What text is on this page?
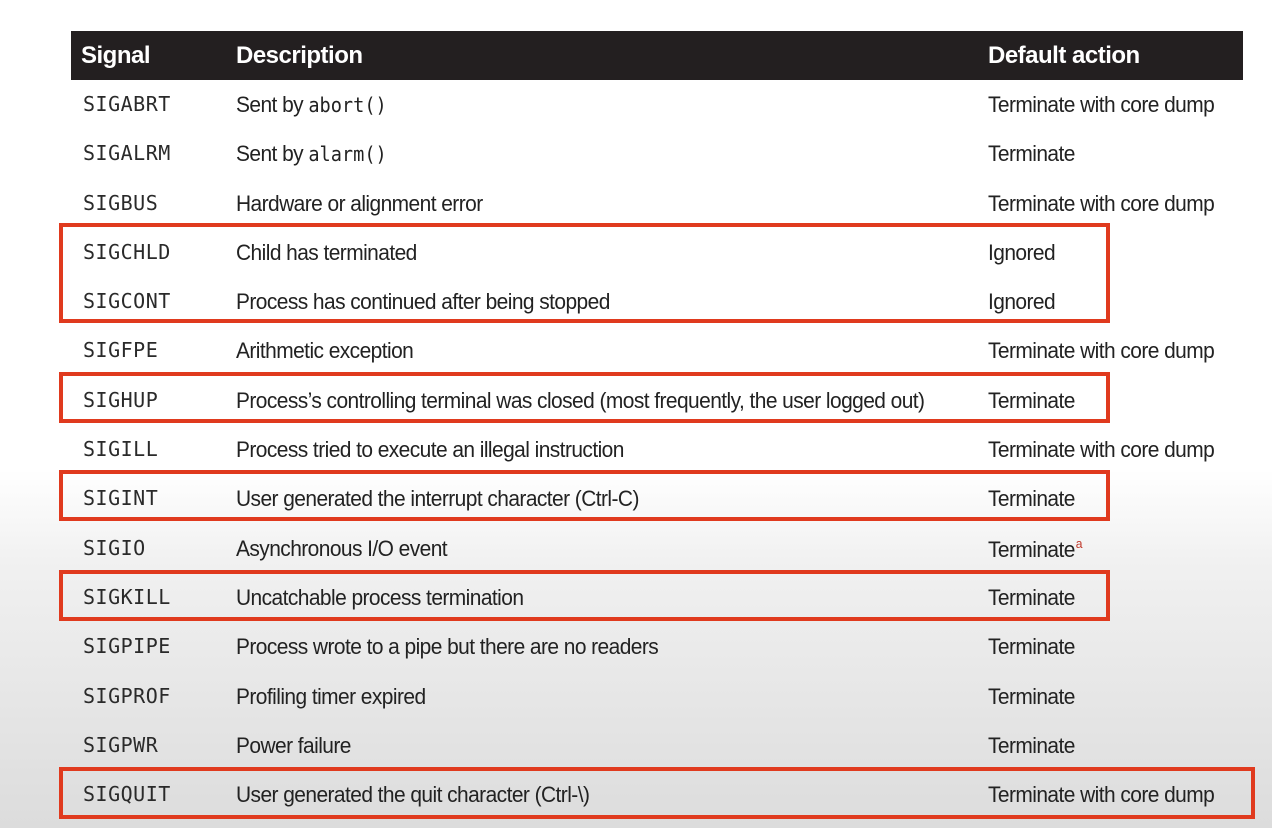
Signal	Description	Default action
SIGABRT	Sent by abort()	Terminate with core dump
SIGALRM	Sent by alarm()	Terminate
SIGBUS	Hardware or alignment error	Terminate with core dump
SIGCHLD	Child has terminated	Ignored
SIGCONT	Process has continued after being stopped	Ignored
SIGFPE	Arithmetic exception	Terminate with core dump
SIGHUP	Process’s controlling terminal was closed (most frequently, the user logged out)	Terminate
SIGILL	Process tried to execute an illegal instruction	Terminate with core dump
SIGINT	User generated the interrupt character (Ctrl-C)	Terminate
SIGIO	Asynchronous I/O event	Terminate$^a$
SIGKILL	Uncatchable process termination	Terminate
SIGPIPE	Process wrote to a pipe but there are no readers	Terminate
SIGPROF	Profiling timer expired	Terminate
SIGPWR	Power failure	Terminate
SIGQUIT	User generated the quit character (Ctrl-\)	Terminate with core dump
